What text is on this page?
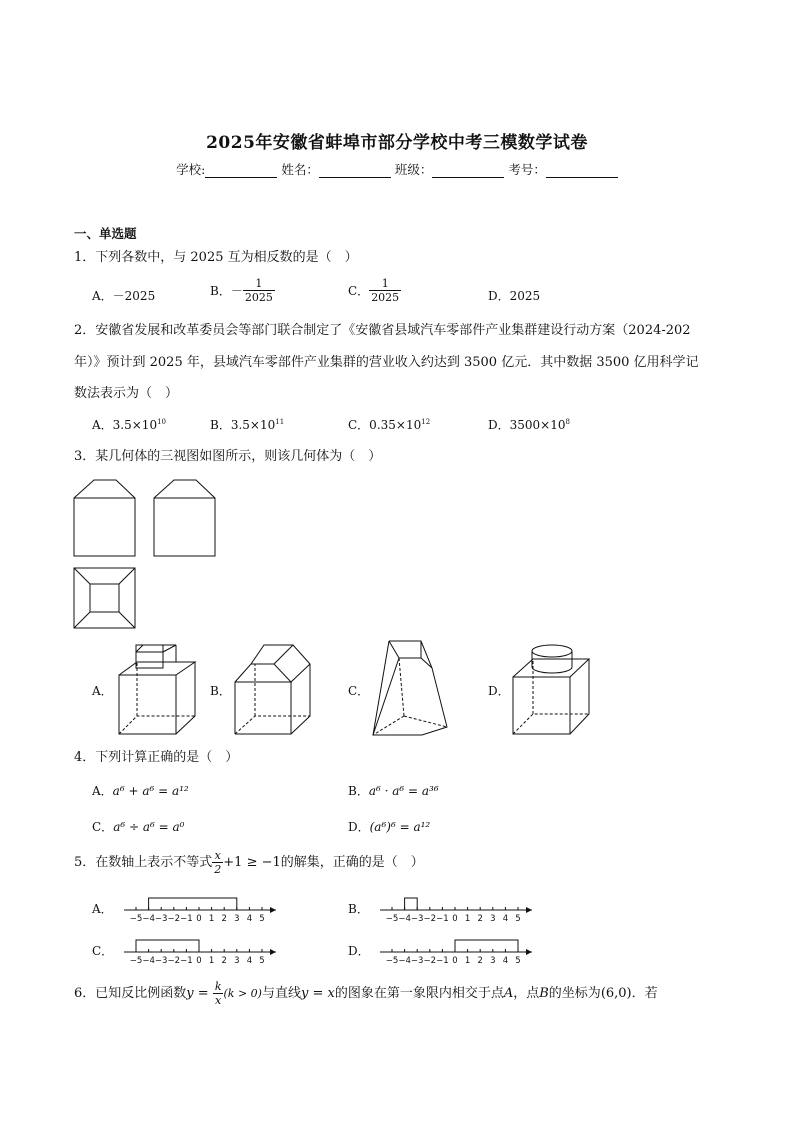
2025年安徽省蚌埠市部分学校中考三模数学试卷
学校:	姓名：	班级：	考号：
一、单选题
1．下列各数中，与 2025 互为相反数的是（　）
A．－2025	B．－ $\frac{1}{2025}$	C． $\frac{1}{2025}$	D．2025
2．安徽省发展和改革委员会等部门联合制定了《安徽省县域汽车零部件产业集群建设行动方案（2024-202
年）》预计到 2025 年，县域汽车零部件产业集群的营业收入约达到 3500 亿元．其中数据 3500 亿用科学记
数法表示为（　）
A．$3.5\times 10^{10}$	B．$3.5\times 10^{11}$	C．$0.35\times 10^{12}$	D．$3500\times 10^8$
3．某几何体的三视图如图所示，则该几何体为（　）
A．	B．	C．	D．
4．下列计算正确的是（　）
A．a⁶ + a⁶ = a¹²	B．a⁶ · a⁶ = a³⁶
C．a⁶ ÷ a⁶ = a⁰	D．(a⁶)⁶ = a¹²
5．在数轴上表示不等式 $\frac{x}{2} +1 \ge -1$的解集，正确的是（　）
A．
−5 −4 −3 −2 −1 0 1 2 3 4 5
B．
−5 −4 −3 −2 −1 0 1 2 3 4 5
C．
−5 −4 −3 −2 −1 0 1 2 3 4 5
D．
−5 −4 −3 −2 −1 0 1 2 3 4 5
6．已知反比例函数$y = \frac{k}{x} (k > 0)$与直线y = x的图象在第一象限内相交于点A，点B的坐标为(6,0)．若
